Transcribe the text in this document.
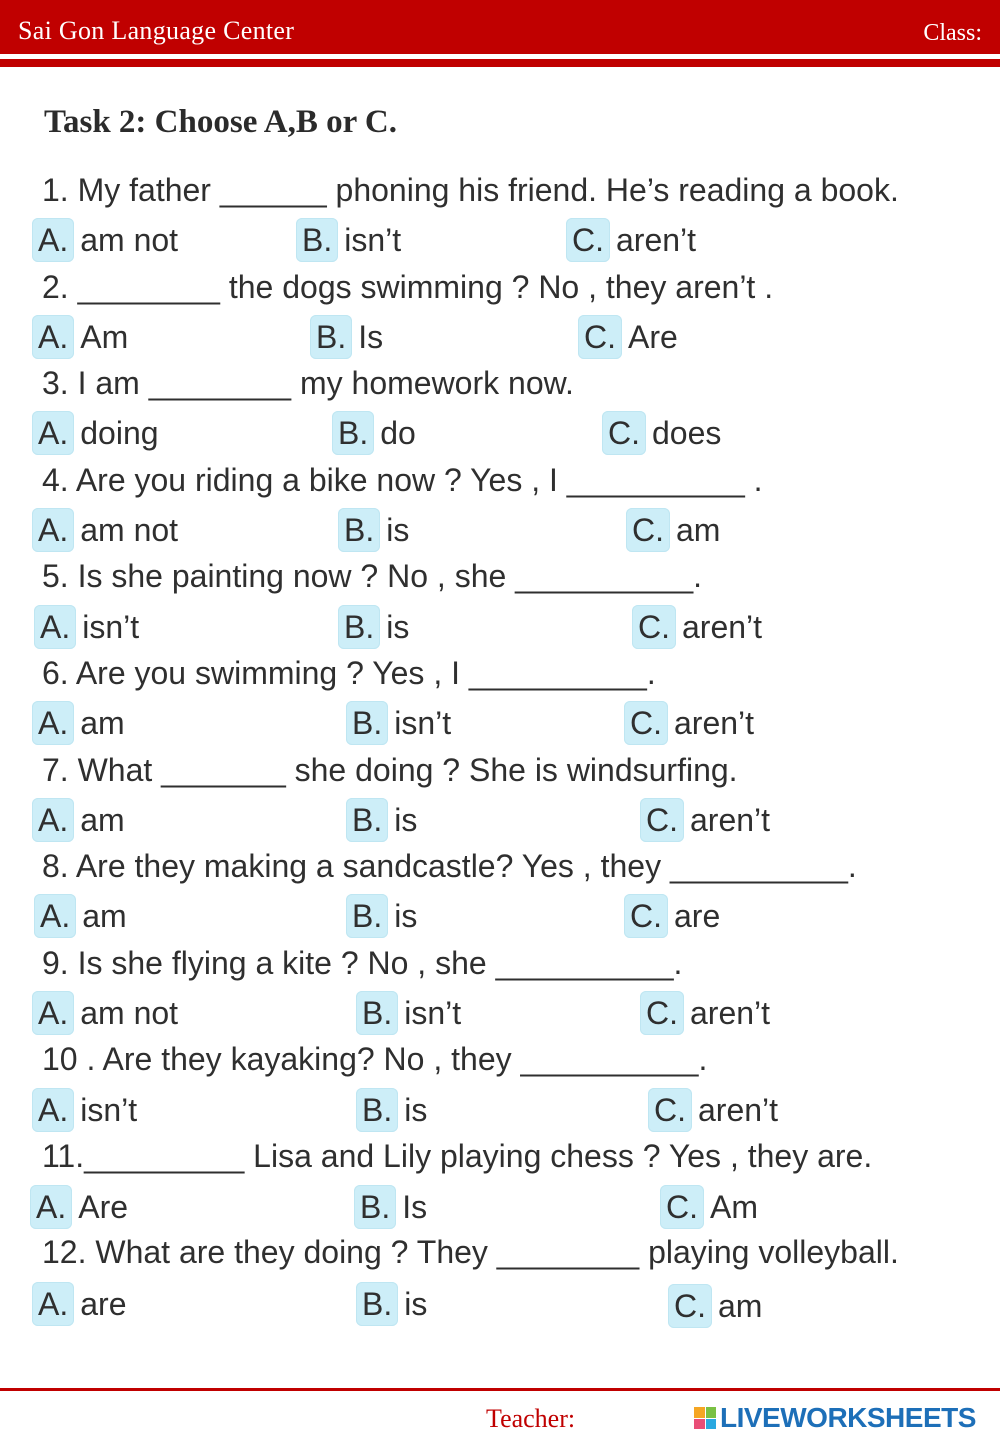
Sai Gon Language Center	Class:
Task 2: Choose A,B or C.
1. My father ______ phoning his friend. He’s reading a book.
A. am not	B. isn’t	C. aren’t
2. ________ the dogs swimming ? No , they aren’t .
A. Am	B. Is	C. Are
3. I am ________ my homework now.
A. doing	B. do	C. does
4. Are you riding a bike now ? Yes , I __________ .
A. am not	B. is	C. am
5. Is she painting now ? No , she __________.
A. isn’t	B. is	C. aren’t
6. Are you swimming ? Yes , I __________.
A. am	B. isn’t	C. aren’t
7. What _______ she doing ? She is windsurfing.
A. am	B. is	C. aren’t
8. Are they making a sandcastle? Yes , they __________.
A. am	B. is	C. are
9. Is she flying a kite ? No , she __________.
A. am not	B. isn’t	C. aren’t
10 . Are they kayaking? No , they __________.
A. isn’t	B. is	C. aren’t
11._________ Lisa and Lily playing chess ? Yes , they are.
A. Are	B. Is	C. Am
12. What are they doing ? They ________ playing volleyball.
A. are	B. is	C. am
Teacher:	LIVEWORKSHEETS
